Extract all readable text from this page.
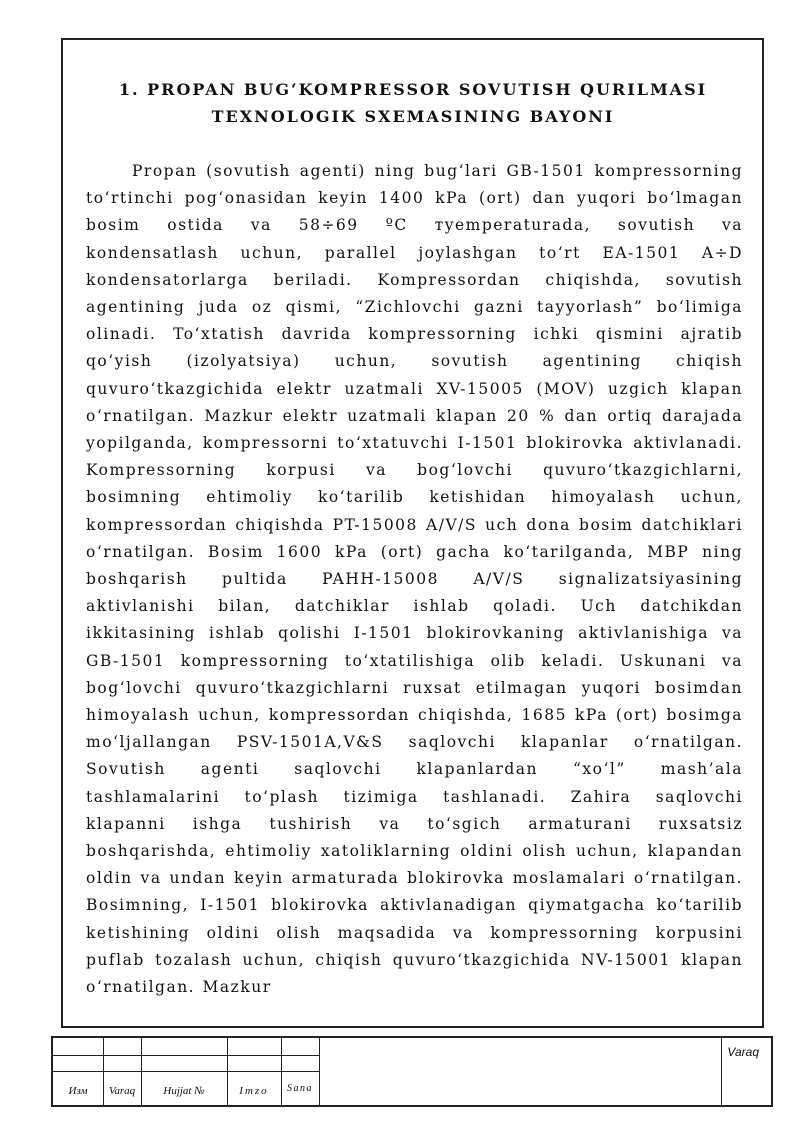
1. PROPAN BUG‘KOMPRESSOR SOVUTISH QURILMASI
TEXNOLOGIK SXEMASINING BAYONI

Propan (sovutish agenti) ning bug‘lari GB-1501 kompressorning to‘rtinchi pog‘onasidan keyin 1400 kPa (ort) dan yuqori bo‘lmagan bosim ostida va 58÷69 ºC тyemperaturada, sovutish va kondensatlash uchun, parallel joylashgan to‘rt EA-1501 A÷D kondensatorlarga beriladi. Kompressordan chiqishda, sovutish agentining juda oz qismi, “Zichlovchi gazni tayyorlash” bo‘limiga olinadi. To‘xtatish davrida kompressorning ichki qismini ajratib qo‘yish (izolyatsiya) uchun, sovutish agentining chiqish quvuro‘tkazgichida elektr uzatmali XV-15005 (MOV) uzgich klapan o‘rnatilgan. Mazkur elektr uzatmali klapan 20 % dan ortiq darajada yopilganda, kompressorni to‘xtatuvchi I-1501 blokirovka aktivlanadi. Kompressorning korpusi va bog‘lovchi quvuro‘tkazgichlarni, bosimning ehtimoliy ko‘tarilib ketishidan himoyalash uchun, kompressordan chiqishda PT-15008 A/V/S uch dona bosim datchiklari o‘rnatilgan. Bosim 1600 kPa (ort) gacha ko‘tarilganda, MBP ning boshqarish pultida PAHH-15008 A/V/S signalizatsiyasining aktivlanishi bilan, datchiklar ishlab qoladi. Uch datchikdan ikkitasining ishlab qolishi I-1501 blokirovkaning aktivlanishiga va GB-1501 kompressorning to‘xtatilishiga olib keladi. Uskunani va bog‘lovchi quvuro‘tkazgichlarni ruxsat etilmagan yuqori bosimdan himoyalash uchun, kompressordan chiqishda, 1685 kPa (ort) bosimga mo‘ljallangan PSV-1501A,V&S saqlovchi klapanlar o‘rnatilgan. Sovutish agenti saqlovchi klapanlardan “xo‘l” mash’ala tashlamalarini to‘plash tizimiga tashlanadi. Zahira saqlovchi klapanni ishga tushirish va to‘sgich armaturani ruxsatsiz boshqarishda, ehtimoliy xatoliklarning oldini olish uchun, klapandan oldin va undan keyin armaturada blokirovka moslamalari o‘rnatilgan. Bosimning, I-1501 blokirovka aktivlanadigan qiymatgacha ko‘tarilib ketishining oldini olish maqsadida va kompressorning korpusini puflab tozalash uchun, chiqish quvuro‘tkazgichida NV-15001 klapan o‘rnatilgan. Mazkur

Изм	Varaq	Hujjat №	Imzo	Sana
Varaq
